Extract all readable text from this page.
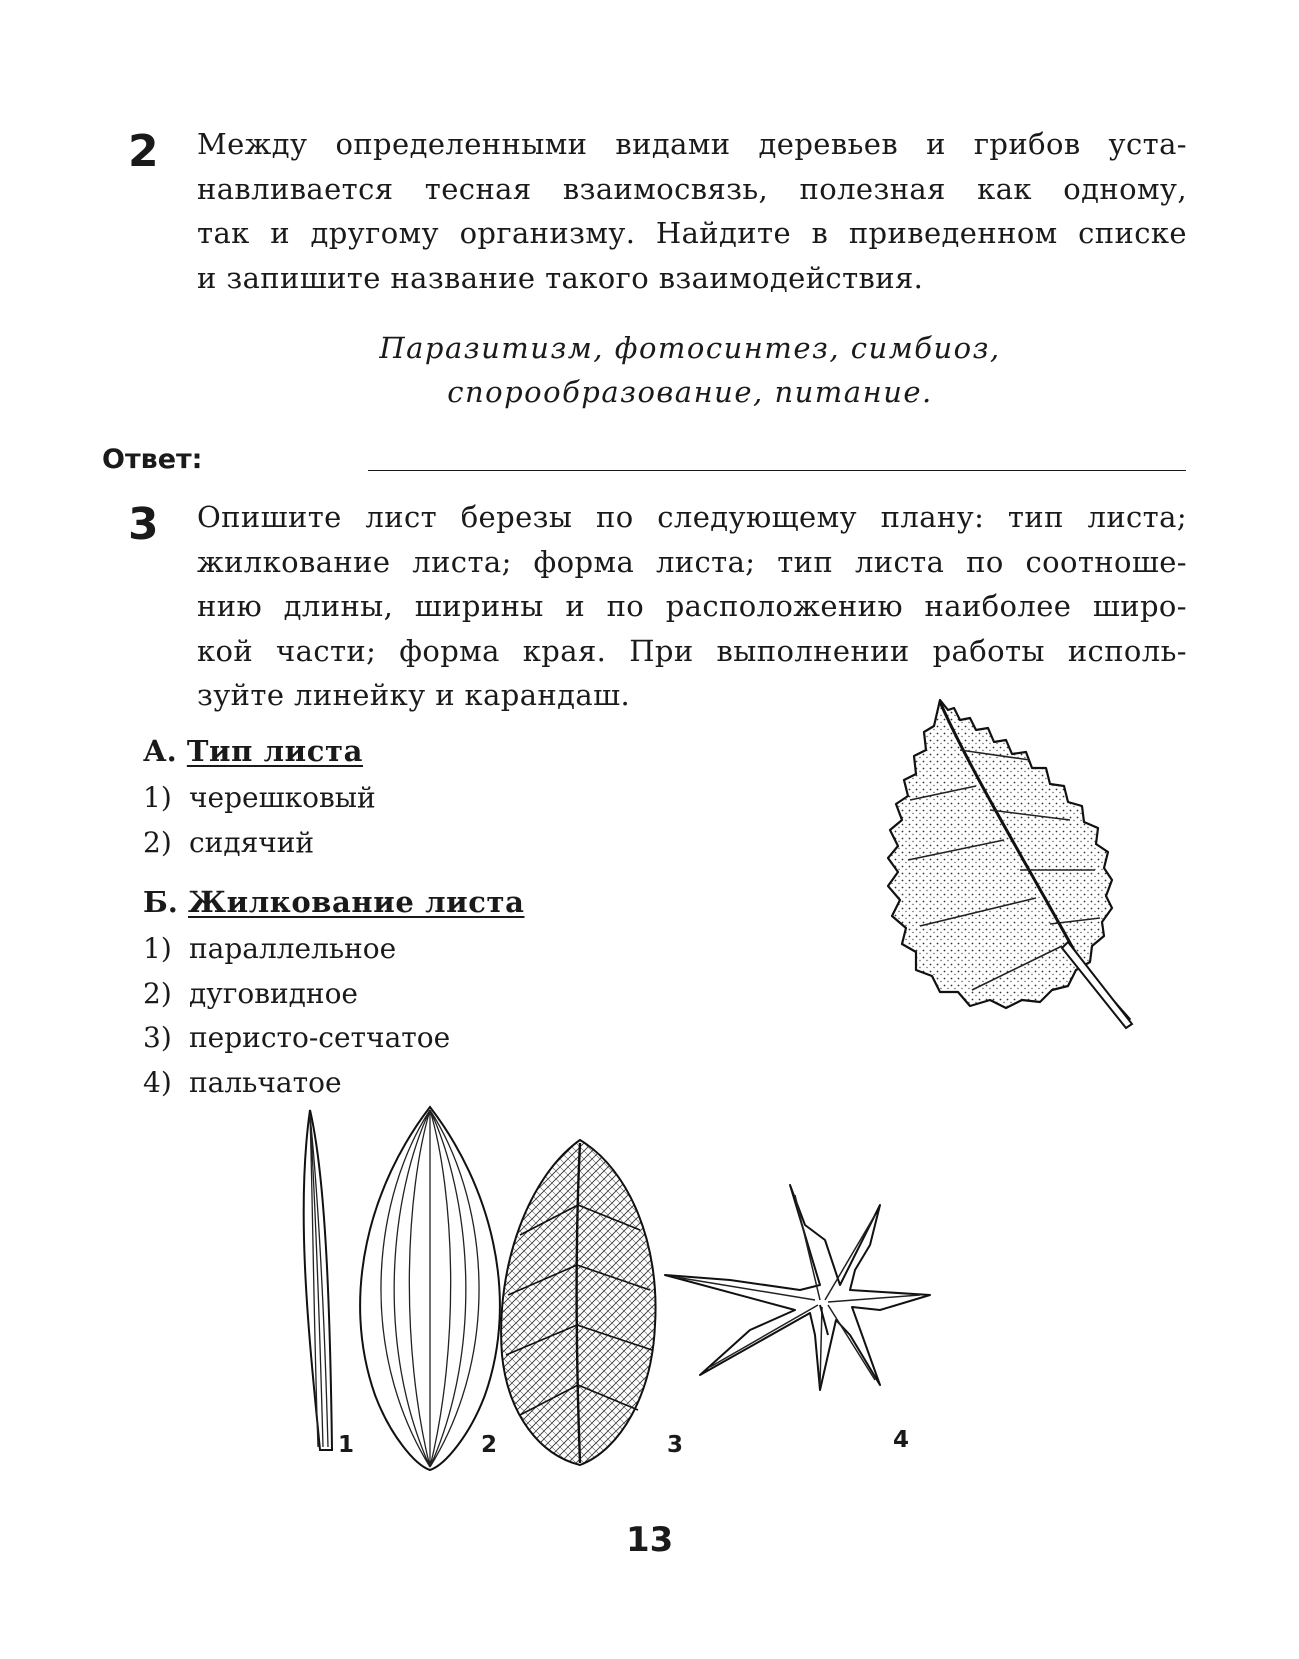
2 Между определенными видами деревьев и грибов уста-
навливается тесная взаимосвязь, полезная как одному,
так и другому организму. Найдите в приведенном списке
и запишите название такого взаимодействия.
Паразитизм, фотосинтез, симбиоз,
спорообразование, питание.
Ответ:
3 Опишите лист березы по следующему плану: тип листа;
жилкование листа; форма листа; тип листа по соотноше-
нию длины, ширины и по расположению наиболее широ-
кой части; форма края. При выполнении работы исполь-
зуйте линейку и карандаш.
А. Тип листа
1) черешковый
2) сидячий
Б. Жилкование листа
1) параллельное
2) дуговидное
3) перисто-сетчатое
4) пальчатое
1	2	3	4
13
